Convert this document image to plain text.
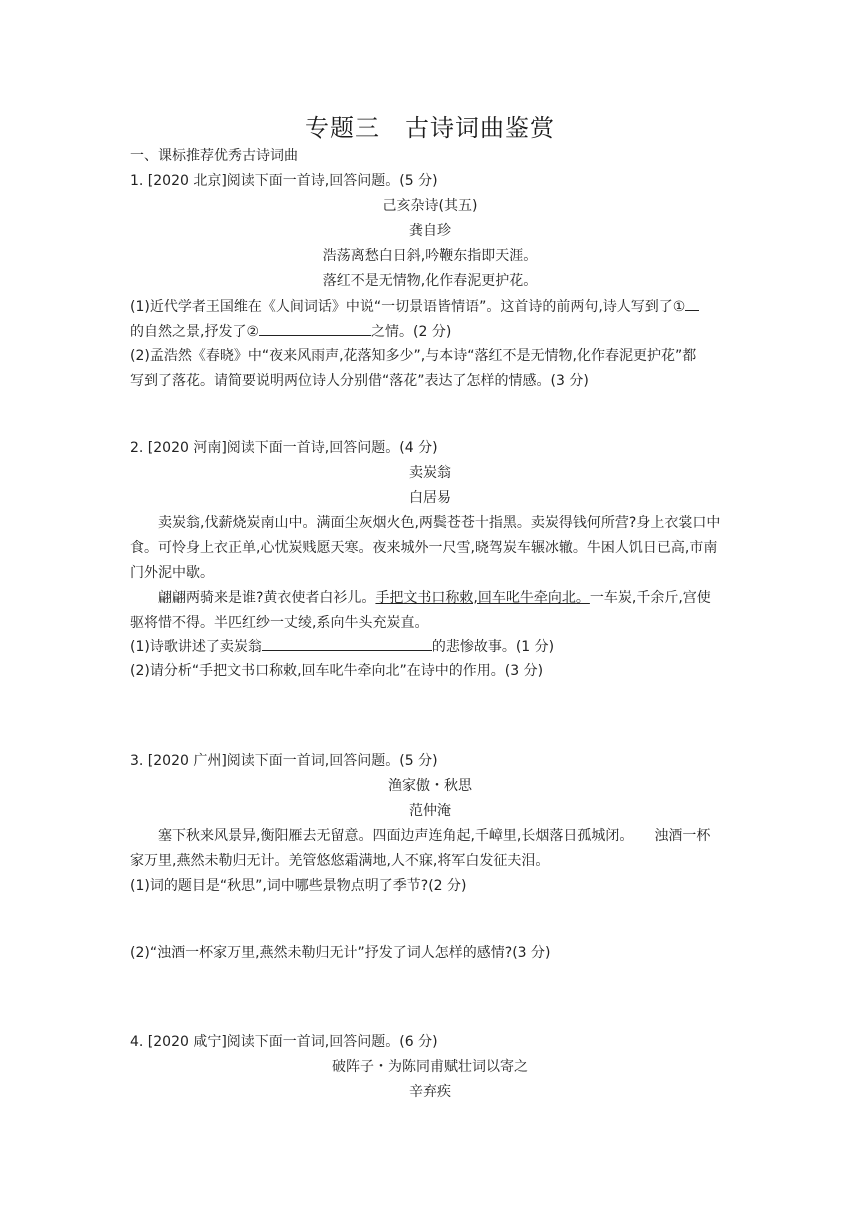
专题三　古诗词曲鉴赏
一、课标推荐优秀古诗词曲
1. [2020 北京]阅读下面一首诗,回答问题。(5 分)
己亥杂诗(其五)
龚自珍
浩荡离愁白日斜,吟鞭东指即天涯。
落红不是无情物,化作春泥更护花。
(1)近代学者王国维在《人间词话》中说“一切景语皆情语”。这首诗的前两句,诗人写到了①
的自然之景,抒发了②	之情。(2 分)
(2)孟浩然《春晓》中“夜来风雨声,花落知多少”,与本诗“落红不是无情物,化作春泥更护花”都
写到了落花。请简要说明两位诗人分别借“落花”表达了怎样的情感。(3 分)
2. [2020 河南]阅读下面一首诗,回答问题。(4 分)
卖炭翁
白居易
卖炭翁,伐薪烧炭南山中。满面尘灰烟火色,两鬓苍苍十指黑。卖炭得钱何所营?身上衣裳口中
食。可怜身上衣正单,心忧炭贱愿天寒。夜来城外一尺雪,晓驾炭车辗冰辙。牛困人饥日已高,市南
门外泥中歇。
翩翩两骑来是谁?黄衣使者白衫儿。手把文书口称敕,回车叱牛牵向北。一车炭,千余斤,宫使
驱将惜不得。半匹红纱一丈绫,系向牛头充炭直。
(1)诗歌讲述了卖炭翁	的悲惨故事。(1 分)
(2)请分析“手把文书口称敕,回车叱牛牵向北”在诗中的作用。(3 分)
3. [2020 广州]阅读下面一首词,回答问题。(5 分)
渔家傲・秋思
范仲淹
塞下秋来风景异,衡阳雁去无留意。四面边声连角起,千嶂里,长烟落日孤城闭。　　浊酒一杯
家万里,燕然未勒归无计。羌管悠悠霜满地,人不寐,将军白发征夫泪。
(1)词的题目是“秋思”,词中哪些景物点明了季节?(2 分)
(2)“浊酒一杯家万里,燕然未勒归无计”抒发了词人怎样的感情?(3 分)
4. [2020 咸宁]阅读下面一首词,回答问题。(6 分)
破阵子・为陈同甫赋壮词以寄之
辛弃疾
